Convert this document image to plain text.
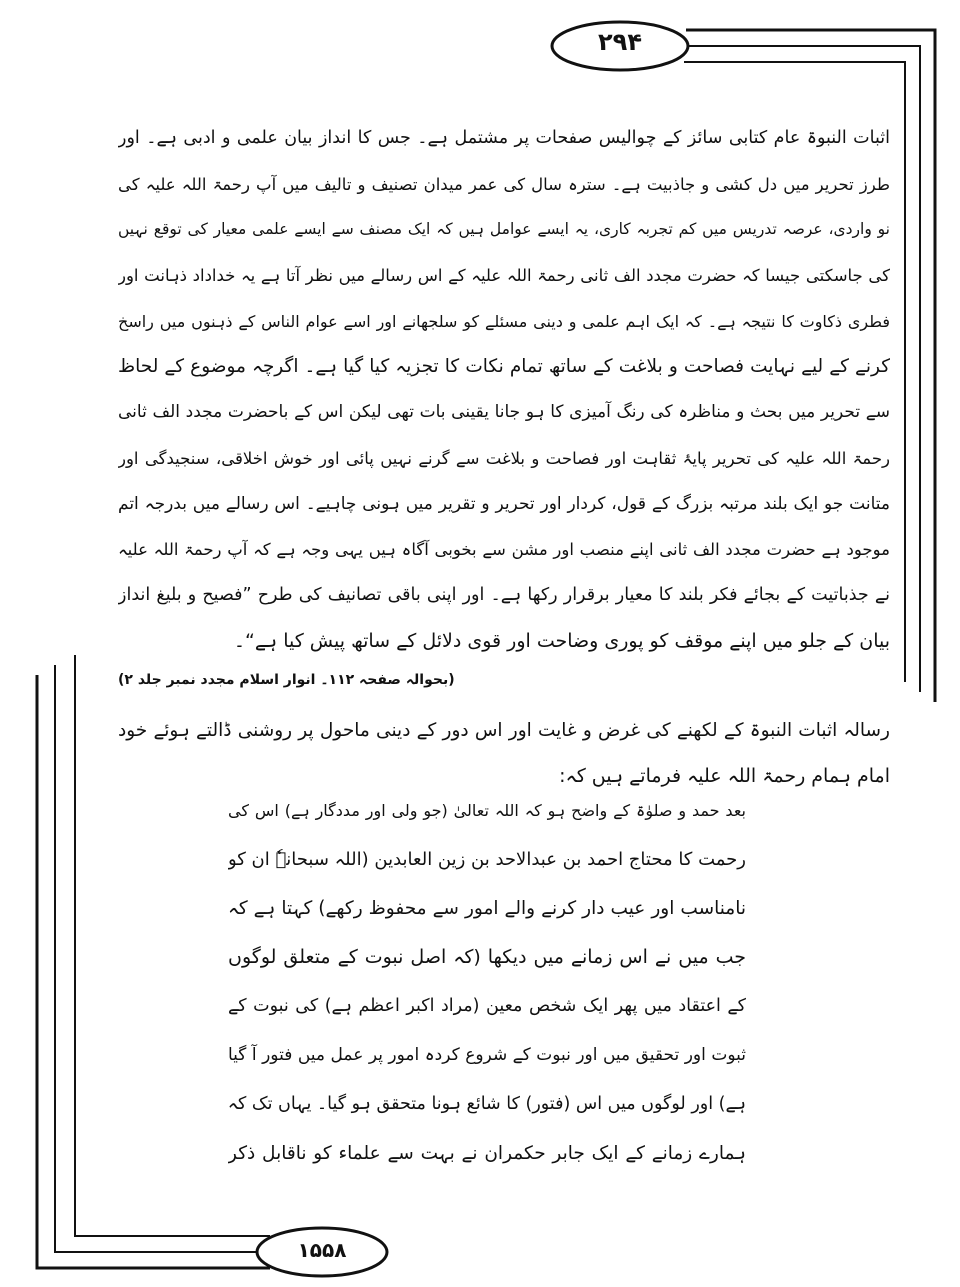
۲۹۴
۱۵۵۸
اثبات النبوۃ عام کتابی سائز کے چوالیس صفحات پر مشتمل ہے۔ جس کا انداز بیان علمی و ادبی ہے۔ اور
طرز تحریر میں دل کشی و جاذبیت ہے۔ سترہ سال کی عمر میدان تصنیف و تالیف میں آپ رحمۃ اللہ علیہ کی
نو واردی، عرصہ تدریس میں کم تجربہ کاری، یہ ایسے عوامل ہیں کہ ایک مصنف سے ایسے علمی معیار کی توقع نہیں
کی جاسکتی جیسا کہ حضرت مجدد الف ثانی رحمۃ اللہ علیہ کے اس رسالے میں نظر آتا ہے یہ خداداد ذہانت اور
فطری ذکاوت کا نتیجہ ہے۔ کہ ایک اہم علمی و دینی مسئلے کو سلجھانے اور اسے عوام الناس کے ذہنوں میں راسخ
کرنے کے لیے نہایت فصاحت و بلاغت کے ساتھ تمام نکات کا تجزیہ کیا گیا ہے۔ اگرچہ موضوع کے لحاظ
سے تحریر میں بحث و مناظرہ کی رنگ آمیزی کا ہو جانا یقینی بات تھی لیکن اس کے باحضرت مجدد الف ثانی
رحمۃ اللہ علیہ کی تحریر پایۂ ثقاہت اور فصاحت و بلاغت سے گرنے نہیں پائی اور خوش اخلاقی، سنجیدگی اور
متانت جو ایک بلند مرتبہ بزرگ کے قول، کردار اور تحریر و تقریر میں ہونی چاہیے۔ اس رسالے میں بدرجہ اتم
موجود ہے حضرت مجدد الف ثانی اپنے منصب اور مشن سے بخوبی آگاہ ہیں یہی وجہ ہے کہ آپ رحمۃ اللہ علیہ
نے جذباتیت کے بجائے فکر بلند کا معیار برقرار رکھا ہے۔ اور اپنی باقی تصانیف کی طرح ”فصیح و بلیغ انداز
بیان کے جلو میں اپنے موقف کو پوری وضاحت اور قوی دلائل کے ساتھ پیش کیا ہے“۔
(بحوالہ صفحہ ۱۱۲۔ انوار اسلام مجدد نمبر جلد ۲)
رسالہ اثبات النبوۃ کے لکھنے کی غرض و غایت اور اس دور کے دینی ماحول پر روشنی ڈالتے ہوئے خود
امام ہمام رحمۃ اللہ علیہ فرماتے ہیں کہ:
بعد حمد و صلوٰۃ کے واضح ہو کہ اللہ تعالیٰ (جو ولی اور مددگار ہے) اس کی
رحمت کا محتاج احمد بن عبدالاحد بن زین العابدین (اللہ سبحانہٗ ان کو
نامناسب اور عیب دار کرنے والے امور سے محفوظ رکھے) کہتا ہے کہ
جب میں نے اس زمانے میں دیکھا (کہ اصل نبوت کے متعلق لوگوں
کے اعتقاد میں پھر ایک شخص معین (مراد اکبر اعظم ہے) کی نبوت کے
ثبوت اور تحقیق میں اور نبوت کے شروع کردہ امور پر عمل میں فتور آ گیا
ہے) اور لوگوں میں اس (فتور) کا شائع ہونا متحقق ہو گیا۔ یہاں تک کہ
ہمارے زمانے کے ایک جابر حکمران نے بہت سے علماء کو ناقابل ذکر
